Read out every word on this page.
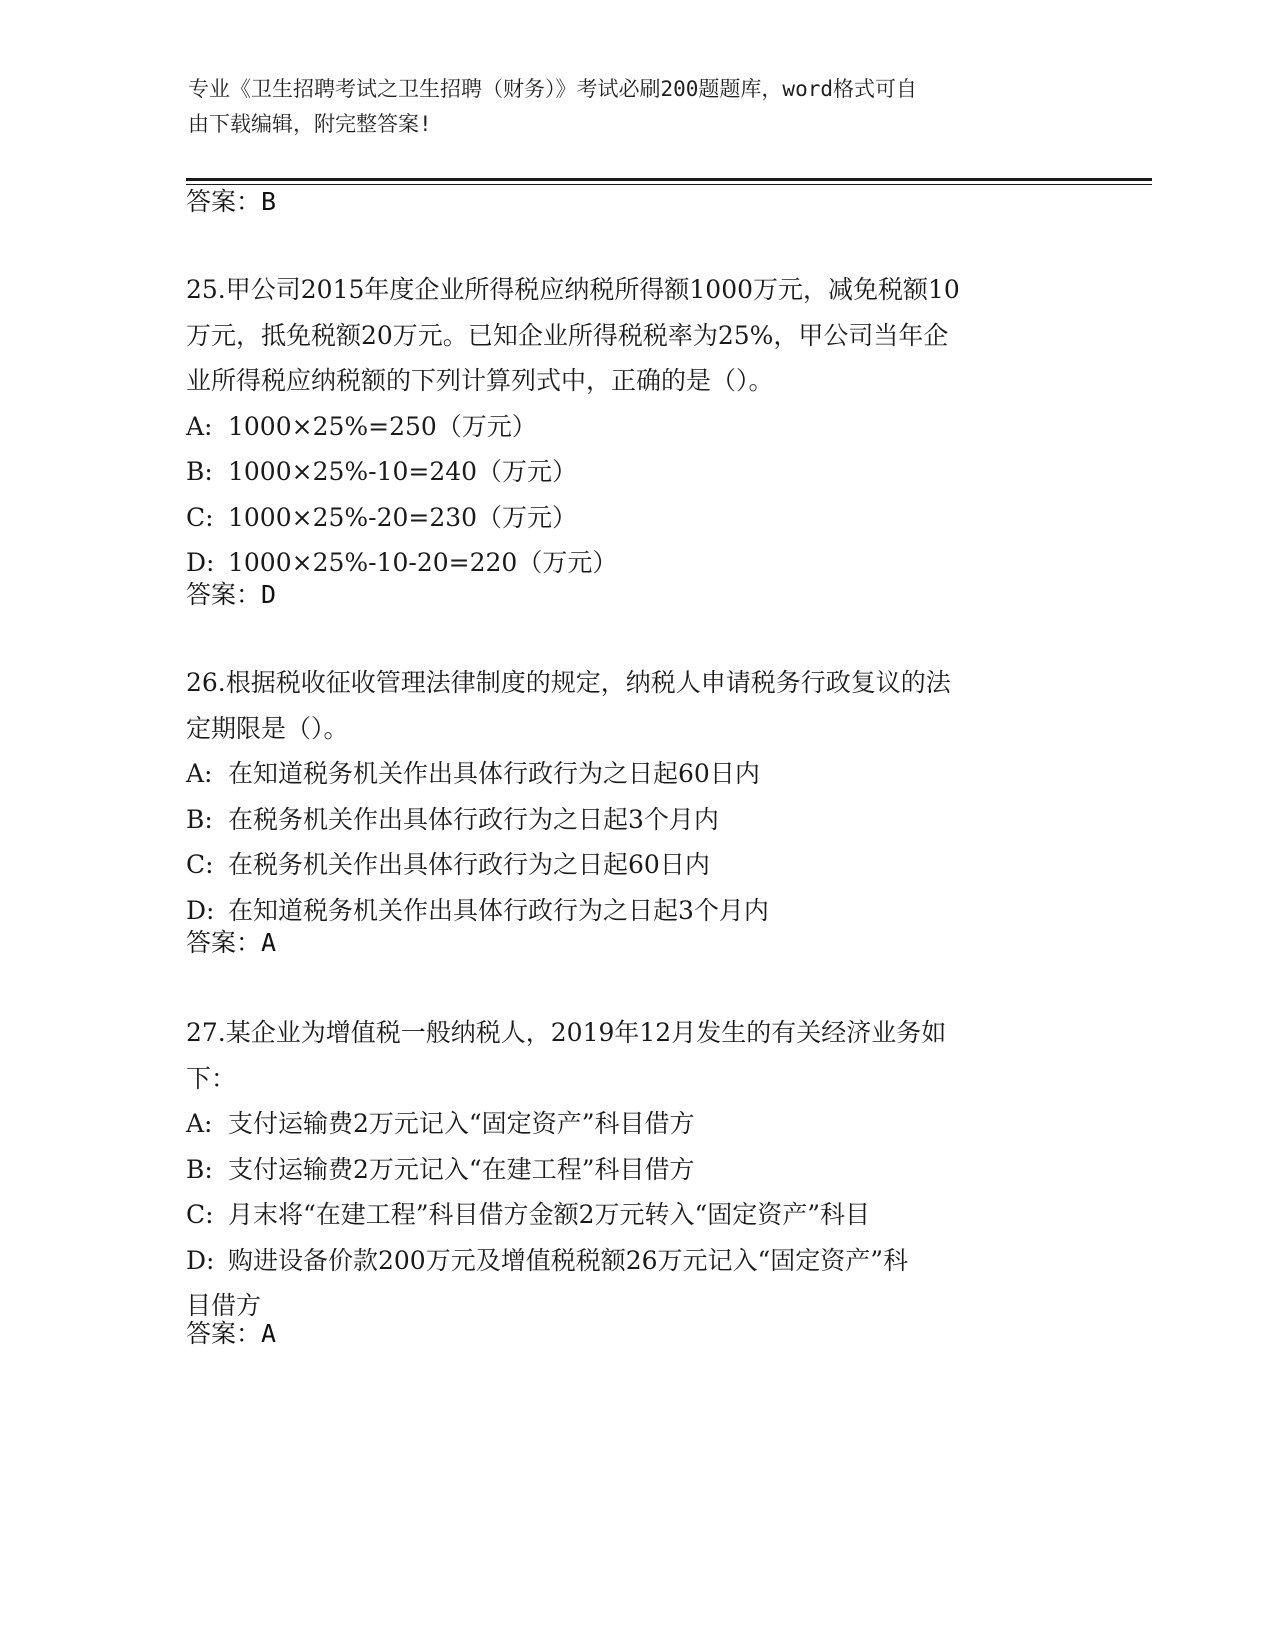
专业《卫生招聘考试之卫生招聘（财务）》考试必刷200题题库，word格式可自
由下载编辑，附完整答案!
答案：B
25.甲公司2015年度企业所得税应纳税所得额1000万元，减免税额10
万元，抵免税额20万元。已知企业所得税税率为25%，甲公司当年企
业所得税应纳税额的下列计算列式中，正确的是（）。
A: 1000×25%=250（万元）
B: 1000×25%-10=240（万元）
C: 1000×25%-20=230（万元）
D: 1000×25%-10-20=220（万元）
答案：D
26.根据税收征收管理法律制度的规定，纳税人申请税务行政复议的法
定期限是（）。
A: 在知道税务机关作出具体行政行为之日起60日内
B: 在税务机关作出具体行政行为之日起3个月内
C: 在税务机关作出具体行政行为之日起60日内
D: 在知道税务机关作出具体行政行为之日起3个月内
答案：A
27.某企业为增值税一般纳税人，2019年12月发生的有关经济业务如
下：
A: 支付运输费2万元记入“固定资产”科目借方
B: 支付运输费2万元记入“在建工程”科目借方
C: 月末将“在建工程”科目借方金额2万元转入“固定资产”科目
D: 购进设备价款200万元及增值税税额26万元记入“固定资产”科
目借方
答案：A
